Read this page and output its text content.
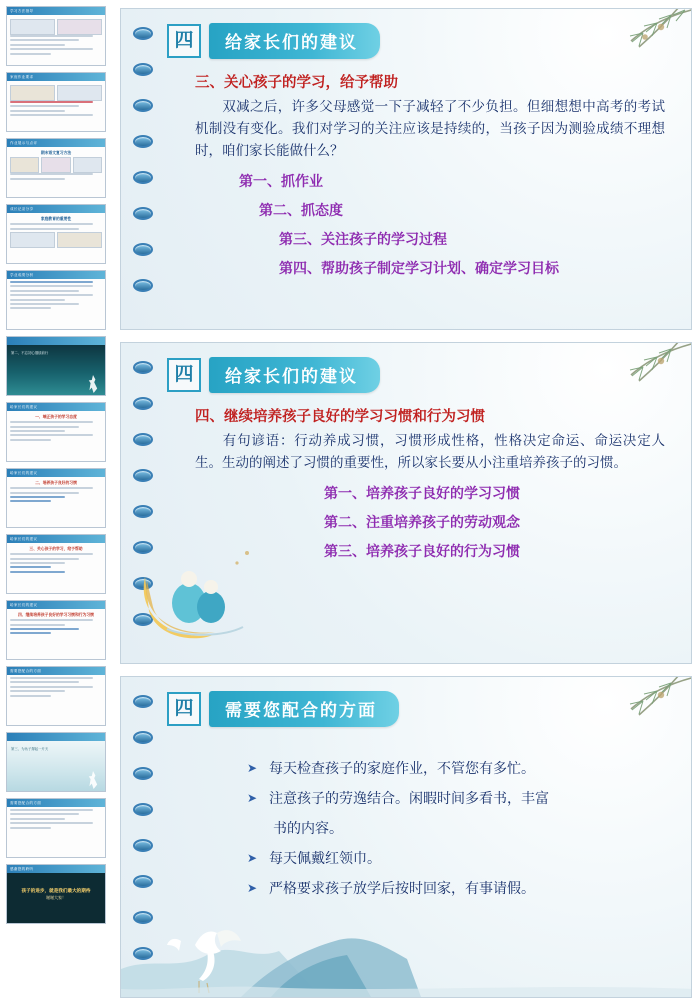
学习方法指导
家庭作业要求
作业展示与点评
期末语文复习方法
成长记录分享
家庭教育的重要性
学业成绩分析
第二、不忘初心继续前行
给家长们的建议
一、端正孩子的学习态度
给家长们的建议
二、培养孩子良好的习惯
给家长们的建议
三、关心孩子的学习，给予帮助
给家长们的建议
四、继续培养孩子良好的学习习惯和行为习惯
需要您配合的方面
第三、为孩子撑起一片天
需要您配合的方面
感谢您的聆听
孩子的进步，就是我们最大的期待
谢谢大家！
四	给家长们的建议
三、关心孩子的学习，给予帮助
双减之后，许多父母感觉一下子减轻了不少负担。但细想想中高考的考试机制没有变化。我们对学习的关注应该是持续的，当孩子因为测验成绩不理想时，咱们家长能做什么？
第一、抓作业
第二、抓态度
第三、关注孩子的学习过程
第四、帮助孩子制定学习计划、确定学习目标
四	给家长们的建议
四、继续培养孩子良好的学习习惯和行为习惯
有句谚语：行动养成习惯，习惯形成性格，性格决定命运、命运决定人生。生动的阐述了习惯的重要性，所以家长要从小注重培养孩子的习惯。
第一、培养孩子良好的学习习惯
第二、注重培养孩子的劳动观念
第三、培养孩子良好的行为习惯
四	需要您配合的方面
➤ 每天检查孩子的家庭作业，不管您有多忙。
➤ 注意孩子的劳逸结合。闲暇时间多看书，丰富
书的内容。
➤ 每天佩戴红领巾。
➤ 严格要求孩子放学后按时回家，有事请假。
